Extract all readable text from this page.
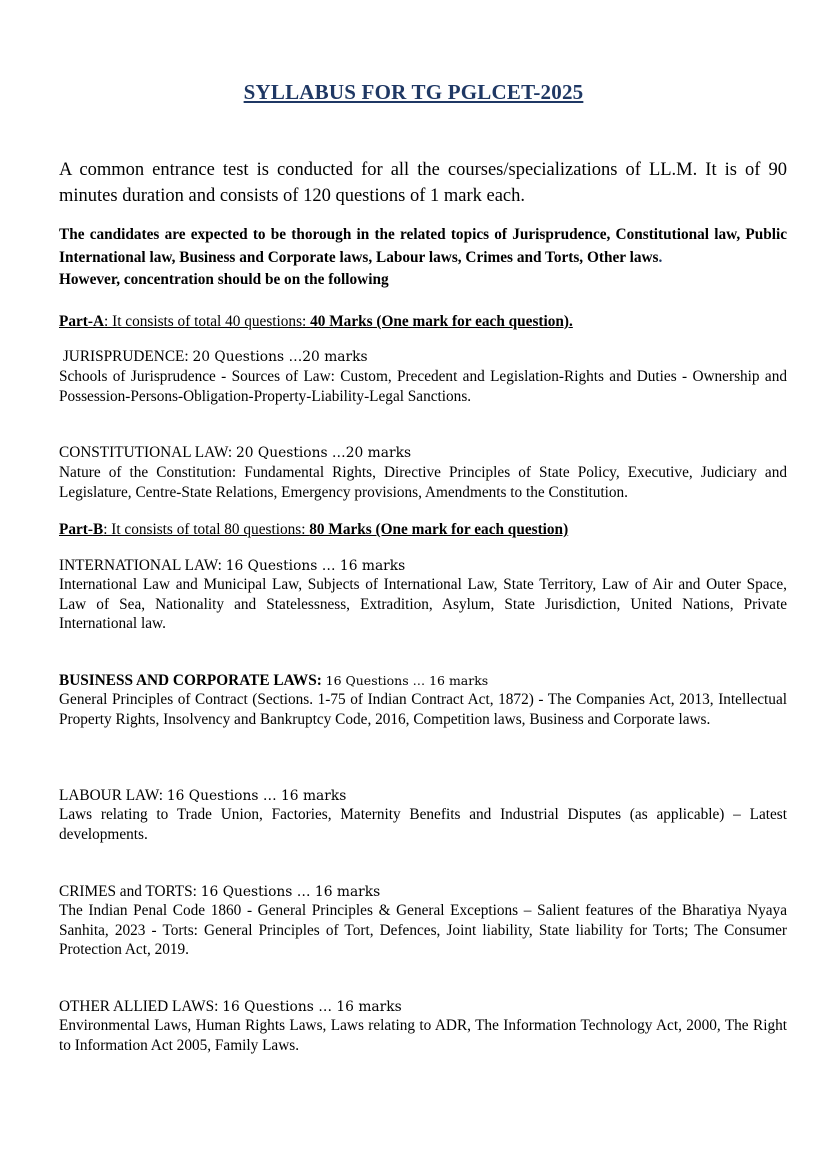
SYLLABUS FOR TG PGLCET-2025
A common entrance test is conducted for all the courses/specializations of LL.M. It is of 90 minutes duration and consists of 120 questions of 1 mark each.
The candidates are expected to be thorough in the related topics of Jurisprudence, Constitutional law, Public International law, Business and Corporate laws, Labour laws, Crimes and Torts, Other laws.
However, concentration should be on the following
Part-A: It consists of total 40 questions: 40 Marks (One mark for each question).
JURISPRUDENCE: 20 Questions …20 marks
Schools of Jurisprudence - Sources of Law: Custom, Precedent and Legislation-Rights and Duties - Ownership and Possession-Persons-Obligation-Property-Liability-Legal Sanctions.
CONSTITUTIONAL LAW: 20 Questions …20 marks
Nature of the Constitution: Fundamental Rights, Directive Principles of State Policy, Executive, Judiciary and Legislature, Centre-State Relations, Emergency provisions, Amendments to the Constitution.
Part-B: It consists of total 80 questions: 80 Marks (One mark for each question)
INTERNATIONAL LAW: 16 Questions … 16 marks
International Law and Municipal Law, Subjects of International Law, State Territory, Law of Air and Outer Space, Law of Sea, Nationality and Statelessness, Extradition, Asylum, State Jurisdiction, United Nations, Private International law.
BUSINESS AND CORPORATE LAWS: 16 Questions … 16 marks
General Principles of Contract (Sections. 1-75 of Indian Contract Act, 1872) - The Companies Act, 2013, Intellectual Property Rights, Insolvency and Bankruptcy Code, 2016, Competition laws, Business and Corporate laws.
LABOUR LAW: 16 Questions … 16 marks
Laws relating to Trade Union, Factories, Maternity Benefits and Industrial Disputes (as applicable) – Latest developments.
CRIMES and TORTS: 16 Questions … 16 marks
The Indian Penal Code 1860 - General Principles & General Exceptions – Salient features of the Bharatiya Nyaya Sanhita, 2023 - Torts: General Principles of Tort, Defences, Joint liability, State liability for Torts; The Consumer Protection Act, 2019.
OTHER ALLIED LAWS: 16 Questions … 16 marks
Environmental Laws, Human Rights Laws, Laws relating to ADR, The Information Technology Act, 2000, The Right to Information Act 2005, Family Laws.
